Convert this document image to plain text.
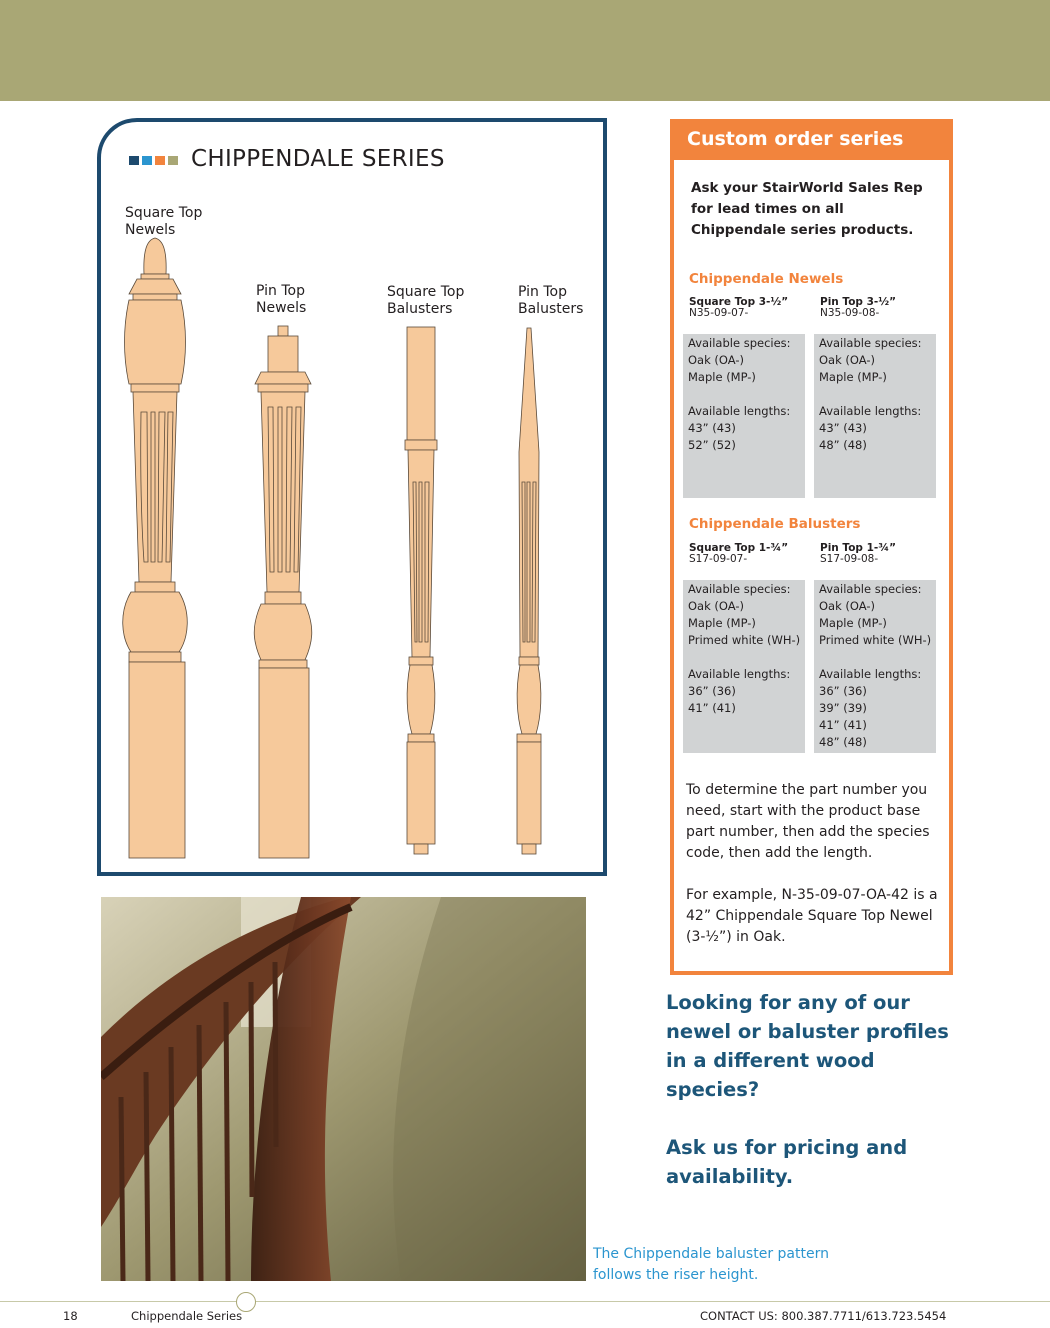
CHIPPENDALE SERIES
Square Top
Newels
Pin Top
Newels
Square Top
Balusters
Pin Top
Balusters
Custom order series
Ask your StairWorld Sales Rep for lead times on all Chippendale series products.
Chippendale Newels
Square Top 3-½”
N35-09-07-
Pin Top 3-½”
N35-09-08-
Available species:
Oak (OA-)
Maple (MP-)
Available lengths:
43” (43)
52” (52)
Available species:
Oak (OA-)
Maple (MP-)
Available lengths:
43” (43)
48” (48)
Chippendale Balusters
Square Top 1-¾”
S17-09-07-
Pin Top 1-¾”
S17-09-08-
Available species:
Oak (OA-)
Maple (MP-)
Primed white (WH-)
Available lengths:
36” (36)
41” (41)
Available species:
Oak (OA-)
Maple (MP-)
Primed white (WH-)
Available lengths:
36” (36)
39” (39)
41” (41)
48” (48)
To determine the part number you need, start with the product base part number, then add the species code, then add the length.
For example, N-35-09-07-OA-42 is a 42” Chippendale Square Top Newel (3-½”) in Oak.
Looking for any of our newel or baluster profiles in a different wood species?
Ask us for pricing and availability.
The Chippendale baluster pattern follows the riser height.
18	Chippendale Series	CONTACT US: 800.387.7711/613.723.5454
